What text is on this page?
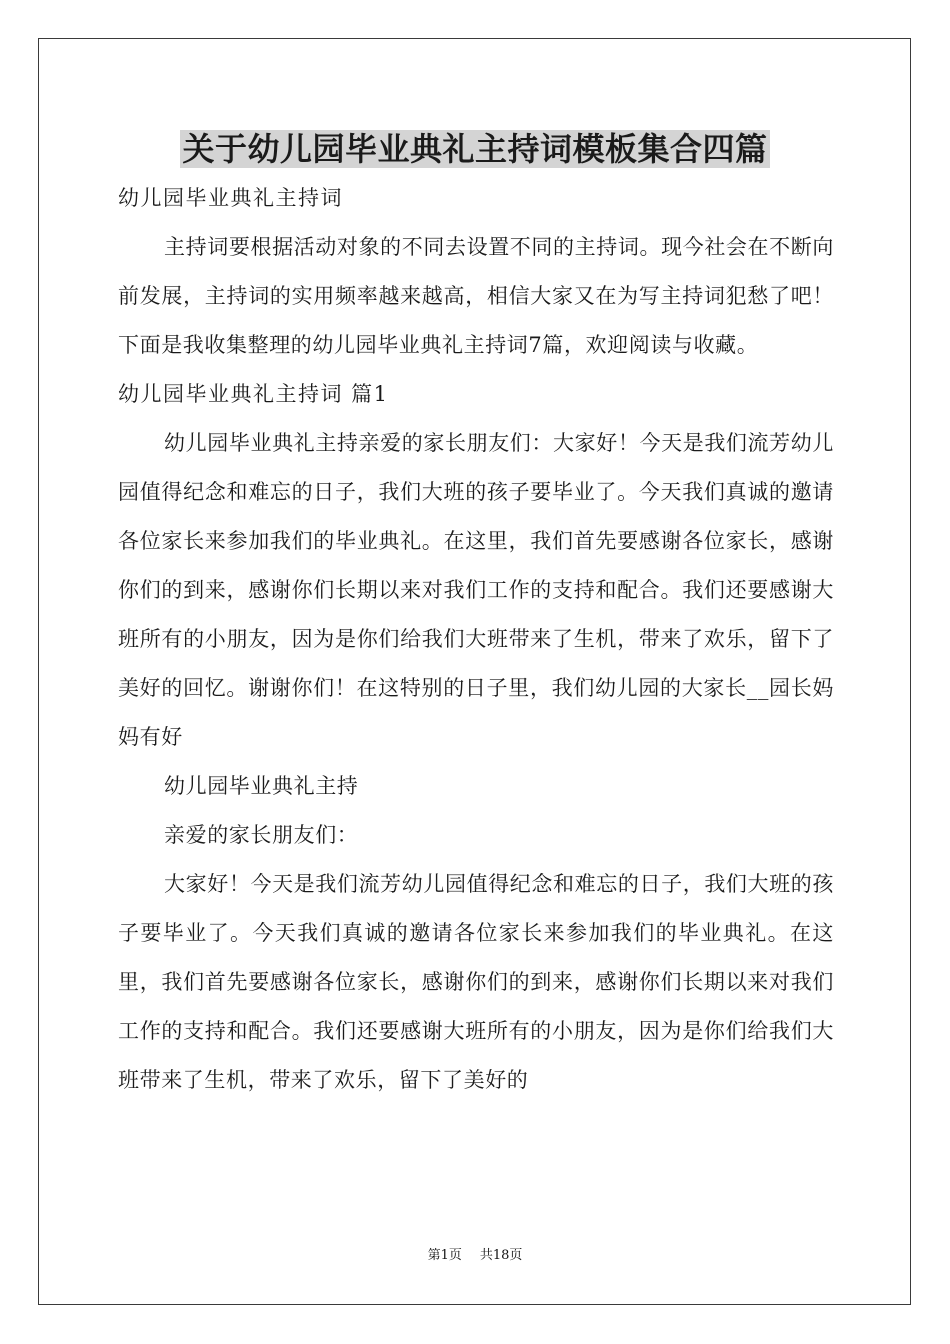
关于幼儿园毕业典礼主持词模板集合四篇

幼儿园毕业典礼主持词

主持词要根据活动对象的不同去设置不同的主持词。现今社会在不断向前发展，主持词的实用频率越来越高，相信大家又在为写主持词犯愁了吧！下面是我收集整理的幼儿园毕业典礼主持词7篇，欢迎阅读与收藏。

幼儿园毕业典礼主持词 篇1

幼儿园毕业典礼主持亲爱的家长朋友们：大家好！今天是我们流芳幼儿园值得纪念和难忘的日子，我们大班的孩子要毕业了。今天我们真诚的邀请各位家长来参加我们的毕业典礼。在这里，我们首先要感谢各位家长，感谢你们的到来，感谢你们长期以来对我们工作的支持和配合。我们还要感谢大班所有的小朋友，因为是你们给我们大班带来了生机，带来了欢乐，留下了美好的回忆。谢谢你们！在这特别的日子里，我们幼儿园的大家长__园长妈妈有好

幼儿园毕业典礼主持

亲爱的家长朋友们：

大家好！今天是我们流芳幼儿园值得纪念和难忘的日子，我们大班的孩子要毕业了。今天我们真诚的邀请各位家长来参加我们的毕业典礼。在这里，我们首先要感谢各位家长，感谢你们的到来，感谢你们长期以来对我们工作的支持和配合。我们还要感谢大班所有的小朋友，因为是你们给我们大班带来了生机，带来了欢乐，留下了美好的

第1页 共18页
